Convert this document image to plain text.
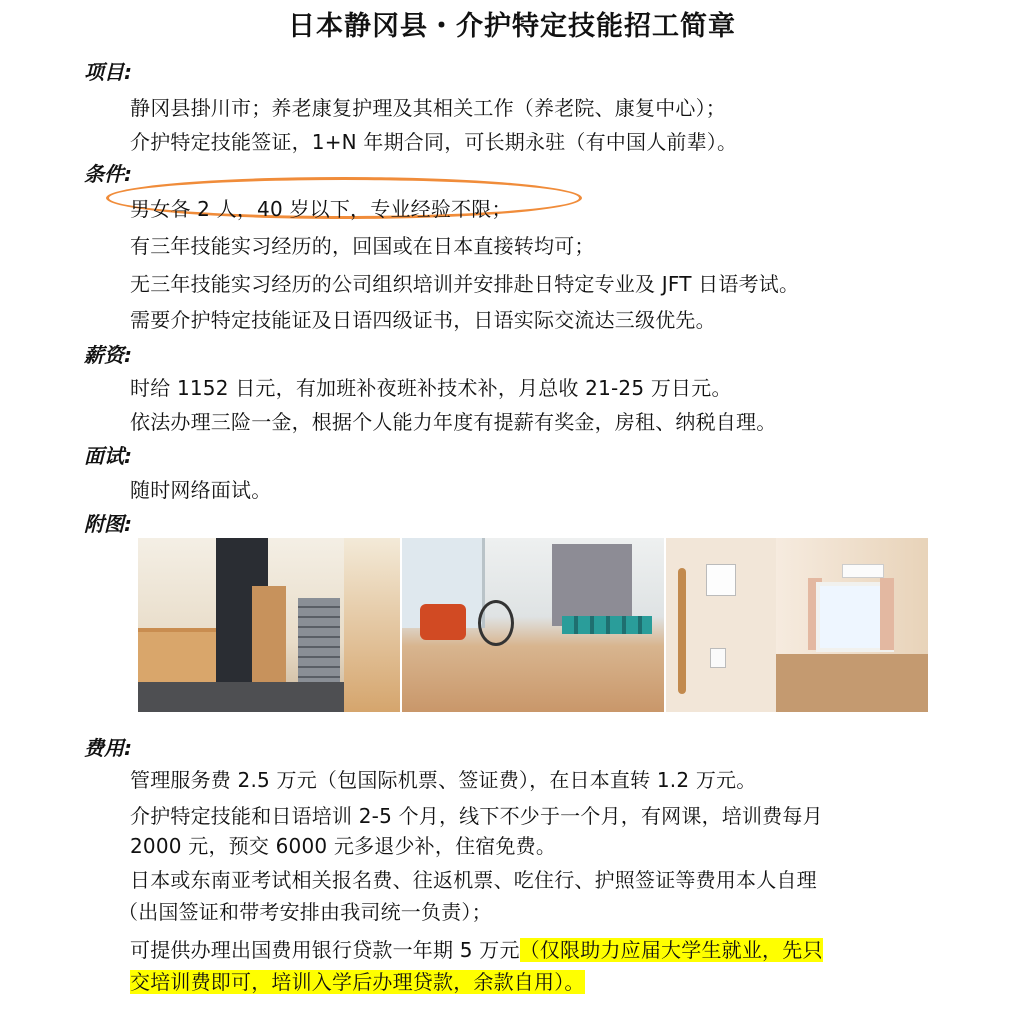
日本静冈县・介护特定技能招工简章
项目:
静冈县掛川市；养老康复护理及其相关工作（养老院、康复中心）；
介护特定技能签证，1+N 年期合同，可长期永驻（有中国人前辈）。
条件:
男女各 2 人，40 岁以下，专业经验不限；
有三年技能实习经历的，回国或在日本直接转均可；
无三年技能实习经历的公司组织培训并安排赴日特定专业及 JFT 日语考试。
需要介护特定技能证及日语四级证书，日语实际交流达三级优先。
薪资:
时给 1152 日元，有加班补夜班补技术补，月总收 21-25 万日元。
依法办理三险一金，根据个人能力年度有提薪有奖金，房租、纳税自理。
面试:
随时网络面试。
附图:
费用:
管理服务费 2.5 万元（包国际机票、签证费），在日本直转 1.2 万元。
介护特定技能和日语培训 2-5 个月，线下不少于一个月，有网课，培训费每月
2000 元，预交 6000 元多退少补，住宿免费。
日本或东南亚考试相关报名费、往返机票、吃住行、护照签证等费用本人自理
（出国签证和带考安排由我司统一负责）；
可提供办理出国费用银行贷款一年期 5 万元（仅限助力应届大学生就业，先只
交培训费即可，培训入学后办理贷款，余款自用）。
